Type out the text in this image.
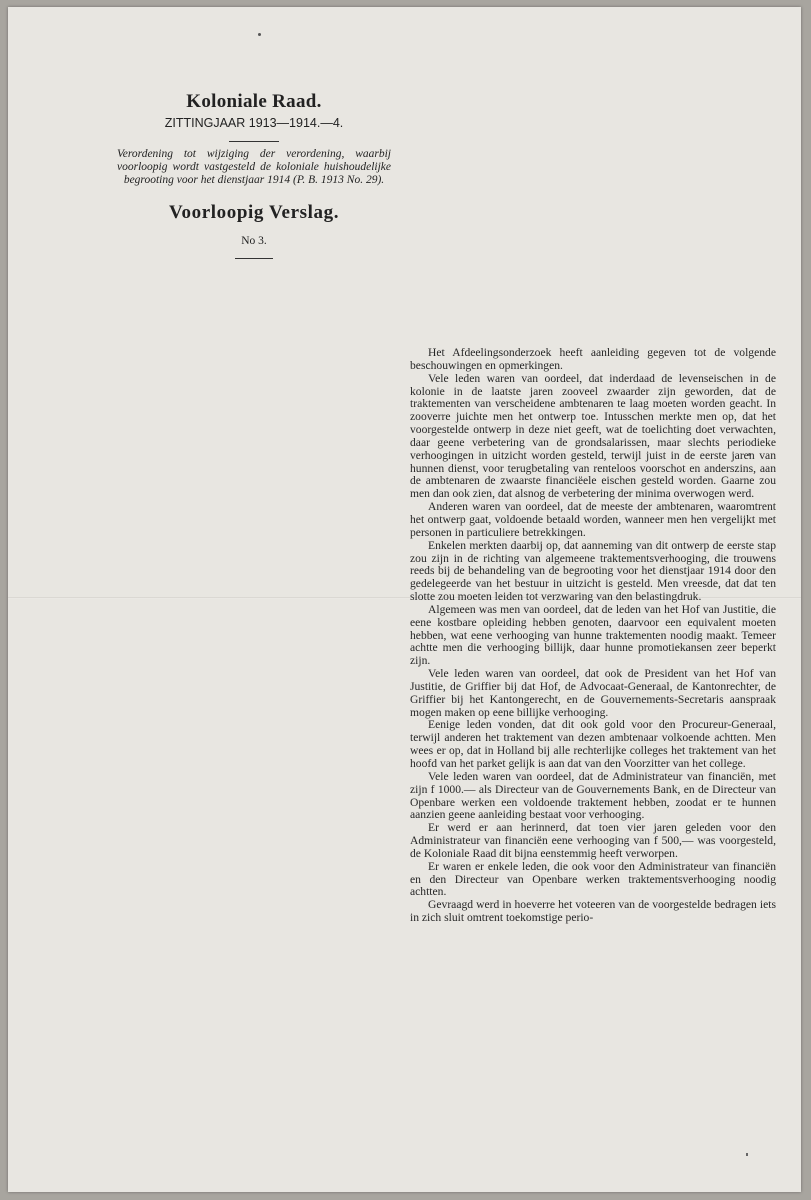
Koloniale Raad.
ZITTINGJAAR 1913—1914.—4.
Verordening tot wijziging der verordening, waarbij voorloopig wordt vastgesteld de koloniale huishoudelijke begrooting voor het dienstjaar 1914 (P. B. 1913 No. 29).
Voorloopig Verslag.
No 3.

Het Afdeelingsonderzoek heeft aanleiding gegeven tot de volgende beschouwingen en opmerkingen.

Vele leden waren van oordeel, dat inderdaad de levenseischen in de kolonie in de laatste jaren zooveel zwaarder zijn geworden, dat de traktementen van verscheidene ambtenaren te laag moeten worden geacht. In zooverre juichte men het ontwerp toe. Intusschen merkte men op, dat het voorgestelde ontwerp in deze niet geeft, wat de toelichting doet verwachten, daar geene verbetering van de grondsalarissen, maar slechts periodieke verhoogingen in uitzicht worden gesteld, terwijl juist in de eerste jaren van hunnen dienst, voor terugbetaling van renteloos voorschot en anderszins, aan de ambtenaren de zwaarste financiëele eischen gesteld worden. Gaarne zou men dan ook zien, dat alsnog de verbetering der minima overwogen werd.

Anderen waren van oordeel, dat de meeste der ambtenaren, waaromtrent het ontwerp gaat, voldoende betaald worden, wanneer men hen vergelijkt met personen in particuliere betrekkingen.

Enkelen merkten daarbij op, dat aanneming van dit ontwerp de eerste stap zou zijn in de richting van algemeene traktementsverhooging, die trouwens reeds bij de behandeling van de begrooting voor het dienstjaar 1914 door den gedelegeerde van het bestuur in uitzicht is gesteld. Men vreesde, dat dat ten slotte zou moeten leiden tot verzwaring van den belastingdruk.

Algemeen was men van oordeel, dat de leden van het Hof van Justitie, die eene kostbare opleiding hebben genoten, daarvoor een equivalent moeten hebben, wat eene verhooging van hunne traktementen noodig maakt. Temeer achtte men die verhooging billijk, daar hunne promotiekansen zeer beperkt zijn.

Vele leden waren van oordeel, dat ook de President van het Hof van Justitie, de Griffier bij dat Hof, de Advocaat-Generaal, de Kantonrechter, de Griffier bij het Kantongerecht, en de Gouvernements-Secretaris aanspraak mogen maken op eene billijke verhooging.

Eenige leden vonden, dat dit ook gold voor den Procureur-Generaal, terwijl anderen het traktement van dezen ambtenaar volkoende achtten. Men wees er op, dat in Holland bij alle rechterlijke colleges het traktement van het hoofd van het parket gelijk is aan dat van den Voorzitter van het college.

Vele leden waren van oordeel, dat de Administrateur van financiën, met zijn f 1000.— als Directeur van de Gouvernements Bank, en de Directeur van Openbare werken een voldoende traktement hebben, zoodat er te hunnen aanzien geene aanleiding bestaat voor verhooging.

Er werd er aan herinnerd, dat toen vier jaren geleden voor den Administrateur van financiën eene verhooging van f 500,— was voorgesteld, de Koloniale Raad dit bijna eenstemmig heeft verworpen.

Er waren er enkele leden, die ook voor den Administrateur van financiën en den Directeur van Openbare werken traktementsverhooging noodig achtten.

Gevraagd werd in hoeverre het voteeren van de voorgestelde bedragen iets in zich sluit omtrent toekomstige perio-
